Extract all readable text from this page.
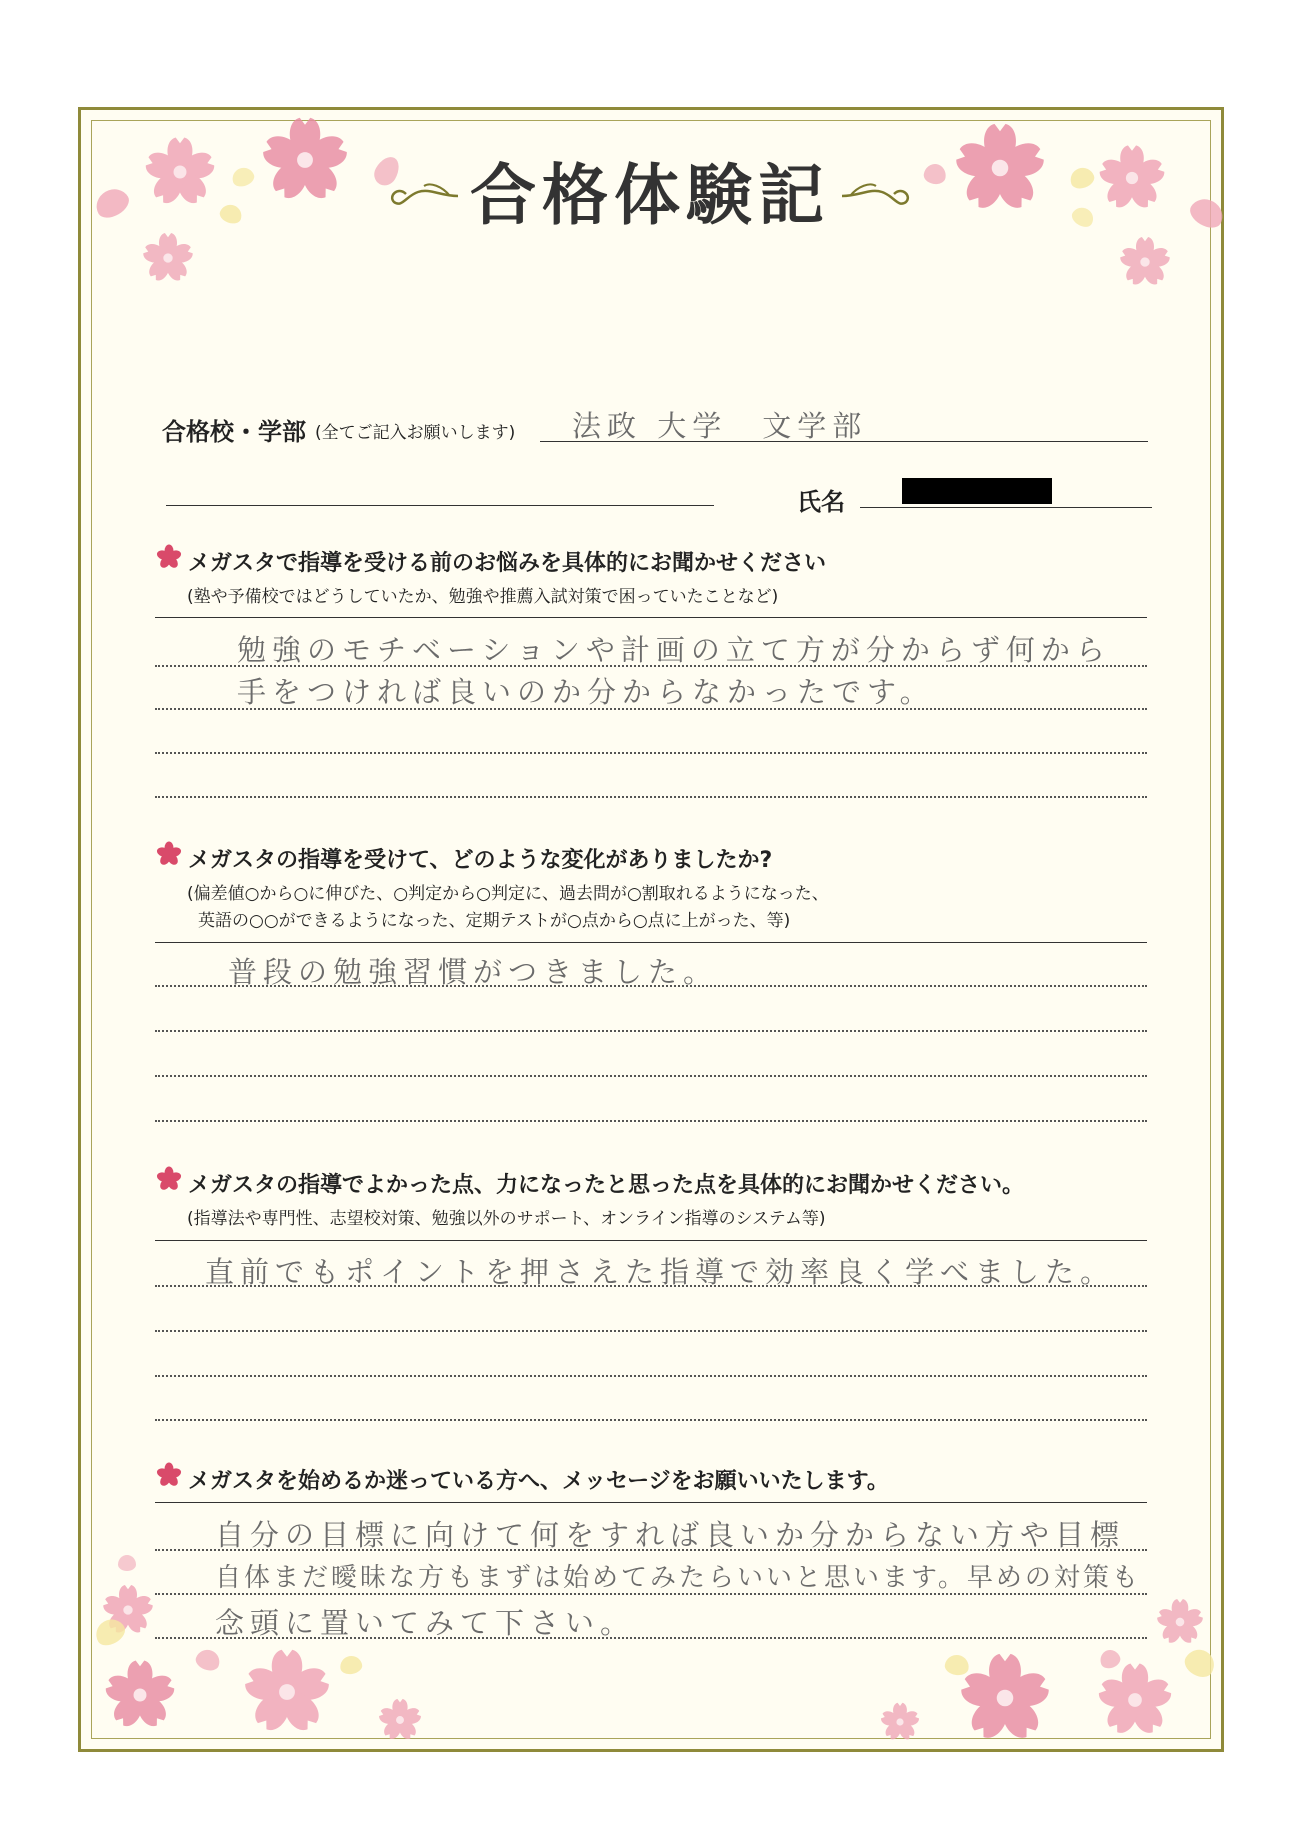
合格体験記
合格校・学部 (全てご記入お願いします) 法政 大学　文学部
氏名
メガスタで指導を受ける前のお悩みを具体的にお聞かせください
(塾や予備校ではどうしていたか、勉強や推薦入試対策で困っていたことなど)
勉強のモチベーションや計画の立て方が分からず何から
手をつければ良いのか分からなかったです。
メガスタの指導を受けて、どのような変化がありましたか?
(偏差値○から○に伸びた、○判定から○判定に、過去問が○割取れるようになった、
英語の○○ができるようになった、定期テストが○点から○点に上がった、等)
普段の勉強習慣がつきました。
メガスタの指導でよかった点、力になったと思った点を具体的にお聞かせください。
(指導法や専門性、志望校対策、勉強以外のサポート、オンライン指導のシステム等)
直前でもポイントを押さえた指導で効率良く学べました。
メガスタを始めるか迷っている方へ、メッセージをお願いいたします。
自分の目標に向けて何をすれば良いか分からない方や目標
自体まだ曖昧な方もまずは始めてみたらいいと思います。早めの対策も
念頭に置いてみて下さい。
